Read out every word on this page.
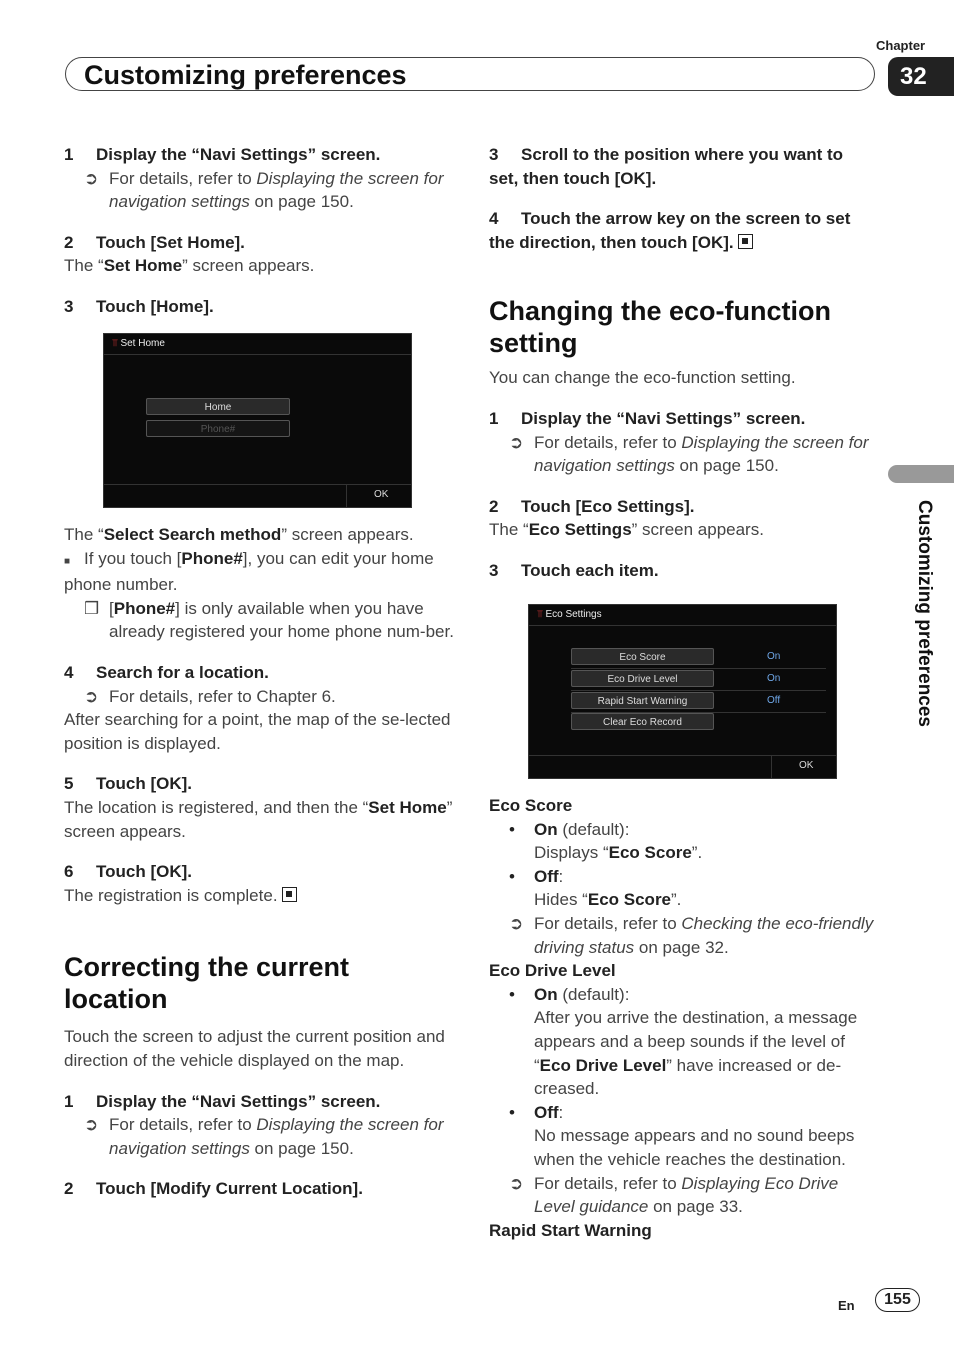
Chapter
32
Customizing preferences
Customizing preferences

1 Display the “Navi Settings” screen.

➲ For details, refer to Displaying the screen for navigation settings on page 150.

2 Touch [Set Home].

The “Set Home” screen appears.

3 Touch [Home].

⫪ Set Home
Home
Phone#
OK

The “Select Search method” screen appears.

■ If you touch [Phone#], you can edit your home phone number.

❒ [Phone#] is only available when you have already registered your home phone num-ber.

4 Search for a location.

➲ For details, refer to Chapter 6.

After searching for a point, the map of the se-lected position is displayed.

5 Touch [OK].

The location is registered, and then the “Set Home” screen appears.

6 Touch [OK].

The registration is complete.

Correcting the current location

Touch the screen to adjust the current position and direction of the vehicle displayed on the map.

1 Display the “Navi Settings” screen.

➲ For details, refer to Displaying the screen for navigation settings on page 150.

2 Touch [Modify Current Location].

3 Scroll to the position where you want to set, then touch [OK].

4 Touch the arrow key on the screen to set the direction, then touch [OK].

Changing the eco-function setting

You can change the eco-function setting.

1 Display the “Navi Settings” screen.

➲ For details, refer to Displaying the screen for navigation settings on page 150.

2 Touch [Eco Settings].

The “Eco Settings” screen appears.

3 Touch each item.

⫪ Eco Settings
Eco Score	On
Eco Drive Level	On
Rapid Start Warning	Off
Clear Eco Record
OK

Eco Score

• On (default):

Displays “Eco Score”.

• Off:

Hides “Eco Score”.

➲ For details, refer to Checking the eco-friendly driving status on page 32.

Eco Drive Level

• On (default):

After you arrive the destination, a message appears and a beep sounds if the level of “Eco Drive Level” have increased or de-creased.

• Off:

No message appears and no sound beeps when the vehicle reaches the destination.

➲ For details, refer to Displaying Eco Drive Level guidance on page 33.

Rapid Start Warning

En	155
